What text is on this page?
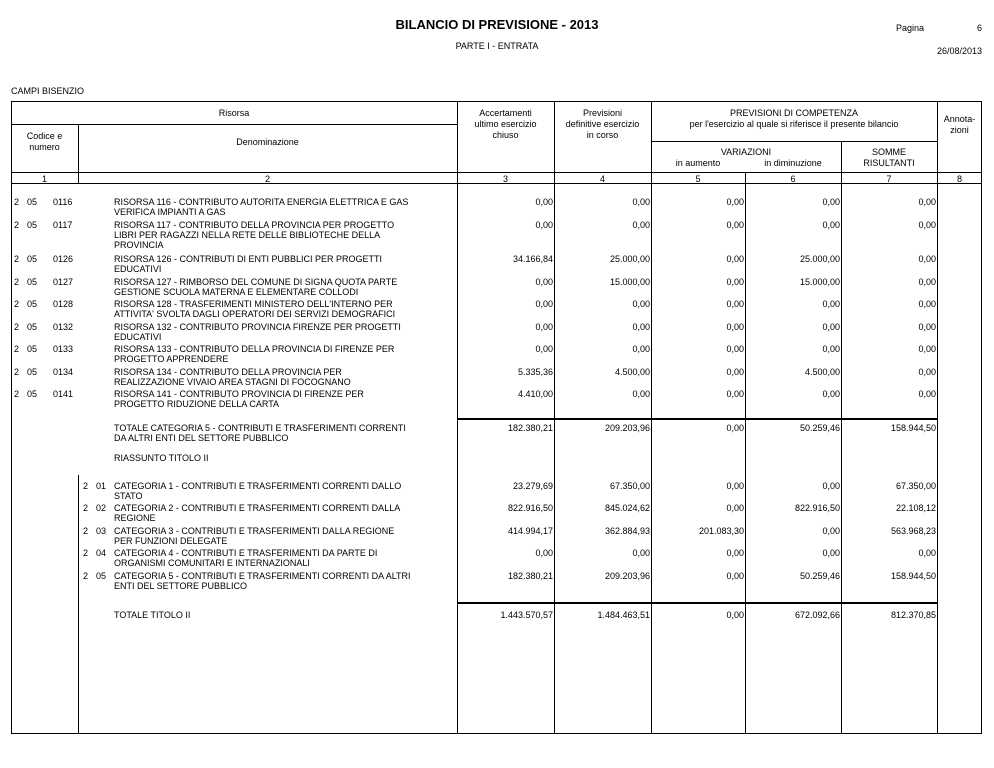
BILANCIO DI PREVISIONE - 2013
PARTE I - ENTRATA
Pagina	6
26/08/2013
CAMPI BISENZIO
Risorsa
Codice e
numero	Denominazione
Accertamenti
ultimo esercizio
chiuso
Previsioni
definitive esercizio
in corso
PREVISIONI DI COMPETENZA
per l'esercizio al quale si riferisce il presente bilancio
VARIAZIONI
in aumento	in diminuzione
SOMME
RISULTANTI
Annota-
zioni
1	2	3	4	5	6	7	8
2 05 0116	RISORSA 116 - CONTRIBUTO AUTORITA ENERGIA ELETTRICA E GAS
VERIFICA IMPIANTI A GAS
0,00	0,00	0,00	0,00	0,00
2 05 0117	RISORSA 117 - CONTRIBUTO DELLA PROVINCIA PER PROGETTO
LIBRI PER RAGAZZI NELLA RETE DELLE BIBLIOTECHE DELLA
PROVINCIA
0,00	0,00	0,00	0,00	0,00
2 05 0126	RISORSA 126 - CONTRIBUTI DI ENTI PUBBLICI PER PROGETTI
EDUCATIVI
34.166,84	25.000,00	0,00	25.000,00	0,00
2 05 0127	RISORSA 127 - RIMBORSO DEL COMUNE DI SIGNA QUOTA PARTE
GESTIONE SCUOLA MATERNA E ELEMENTARE COLLODI
0,00	15.000,00	0,00	15.000,00	0,00
2 05 0128	RISORSA 128 - TRASFERIMENTI MINISTERO DELL'INTERNO PER
ATTIVITA' SVOLTA DAGLI OPERATORI DEI SERVIZI DEMOGRAFICI
0,00	0,00	0,00	0,00	0,00
2 05 0132	RISORSA 132 - CONTRIBUTO PROVINCIA FIRENZE PER PROGETTI
EDUCATIVI
0,00	0,00	0,00	0,00	0,00
2 05 0133	RISORSA 133 - CONTRIBUTO DELLA PROVINCIA DI FIRENZE PER
PROGETTO APPRENDERE
0,00	0,00	0,00	0,00	0,00
2 05 0134	RISORSA 134 - CONTRIBUTO DELLA PROVINCIA PER
REALIZZAZIONE VIVAIO AREA STAGNI DI FOCOGNANO
5.335,36	4.500,00	0,00	4.500,00	0,00
2 05 0141	RISORSA 141 - CONTRIBUTO PROVINCIA DI FIRENZE PER
PROGETTO RIDUZIONE DELLA CARTA
4.410,00	0,00	0,00	0,00	0,00
TOTALE CATEGORIA 5 - CONTRIBUTI E TRASFERIMENTI CORRENTI
DA ALTRI ENTI DEL SETTORE PUBBLICO
182.380,21	209.203,96	0,00	50.259,46	158.944,50
RIASSUNTO TITOLO II
2 01 CATEGORIA 1 - CONTRIBUTI E TRASFERIMENTI CORRENTI DALLO
STATO
23.279,69	67.350,00	0,00	0,00	67.350,00
2 02 CATEGORIA 2 - CONTRIBUTI E TRASFERIMENTI CORRENTI DALLA
REGIONE
822.916,50	845.024,62	0,00	822.916,50	22.108,12
2 03 CATEGORIA 3 - CONTRIBUTI E TRASFERIMENTI DALLA REGIONE
PER FUNZIONI DELEGATE
414.994,17	362.884,93	201.083,30	0,00	563.968,23
2 04 CATEGORIA 4 - CONTRIBUTI E TRASFERIMENTI DA PARTE DI
ORGANISMI COMUNITARI E INTERNAZIONALI
0,00	0,00	0,00	0,00	0,00
2 05 CATEGORIA 5 - CONTRIBUTI E TRASFERIMENTI CORRENTI DA ALTRI
ENTI DEL SETTORE PUBBLICO
182.380,21	209.203,96	0,00	50.259,46	158.944,50
TOTALE TITOLO II	1.443.570,57	1.484.463,51	0,00	672.092,66	812.370,85
